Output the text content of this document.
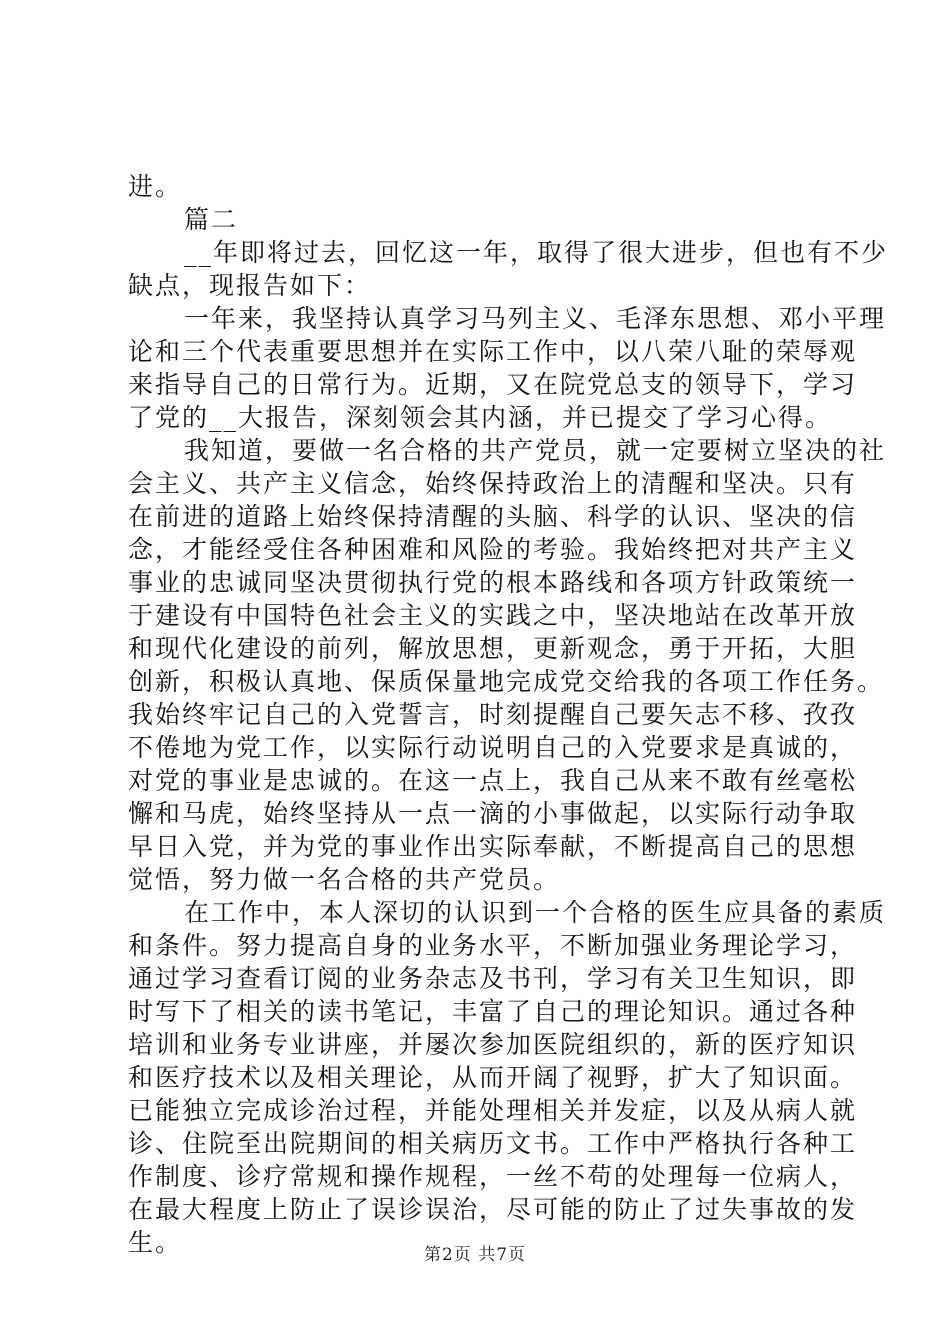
进。
篇二
__年即将过去，回忆这一年，取得了很大进步，但也有不少
缺点，现报告如下：
一年来，我坚持认真学习马列主义、毛泽东思想、邓小平理
论和三个代表重要思想并在实际工作中，以八荣八耻的荣辱观
来指导自己的日常行为。近期，又在院党总支的领导下，学习
了党的__大报告，深刻领会其内涵，并已提交了学习心得。
我知道，要做一名合格的共产党员，就一定要树立坚决的社
会主义、共产主义信念，始终保持政治上的清醒和坚决。只有
在前进的道路上始终保持清醒的头脑、科学的认识、坚决的信
念，才能经受住各种困难和风险的考验。我始终把对共产主义
事业的忠诚同坚决贯彻执行党的根本路线和各项方针政策统一
于建设有中国特色社会主义的实践之中，坚决地站在改革开放
和现代化建设的前列，解放思想，更新观念，勇于开拓，大胆
创新，积极认真地、保质保量地完成党交给我的各项工作任务。
我始终牢记自己的入党誓言，时刻提醒自己要矢志不移、孜孜
不倦地为党工作，以实际行动说明自己的入党要求是真诚的，
对党的事业是忠诚的。在这一点上，我自己从来不敢有丝毫松
懈和马虎，始终坚持从一点一滴的小事做起，以实际行动争取
早日入党，并为党的事业作出实际奉献，不断提高自己的思想
觉悟，努力做一名合格的共产党员。
在工作中，本人深切的认识到一个合格的医生应具备的素质
和条件。努力提高自身的业务水平，不断加强业务理论学习，
通过学习查看订阅的业务杂志及书刊，学习有关卫生知识，即
时写下了相关的读书笔记，丰富了自己的理论知识。通过各种
培训和业务专业讲座，并屡次参加医院组织的，新的医疗知识
和医疗技术以及相关理论，从而开阔了视野，扩大了知识面。
已能独立完成诊治过程，并能处理相关并发症，以及从病人就
诊、住院至出院期间的相关病历文书。工作中严格执行各种工
作制度、诊疗常规和操作规程，一丝不苟的处理每一位病人，
在最大程度上防止了误诊误治，尽可能的防止了过失事故的发
生。	第2页 共7页
